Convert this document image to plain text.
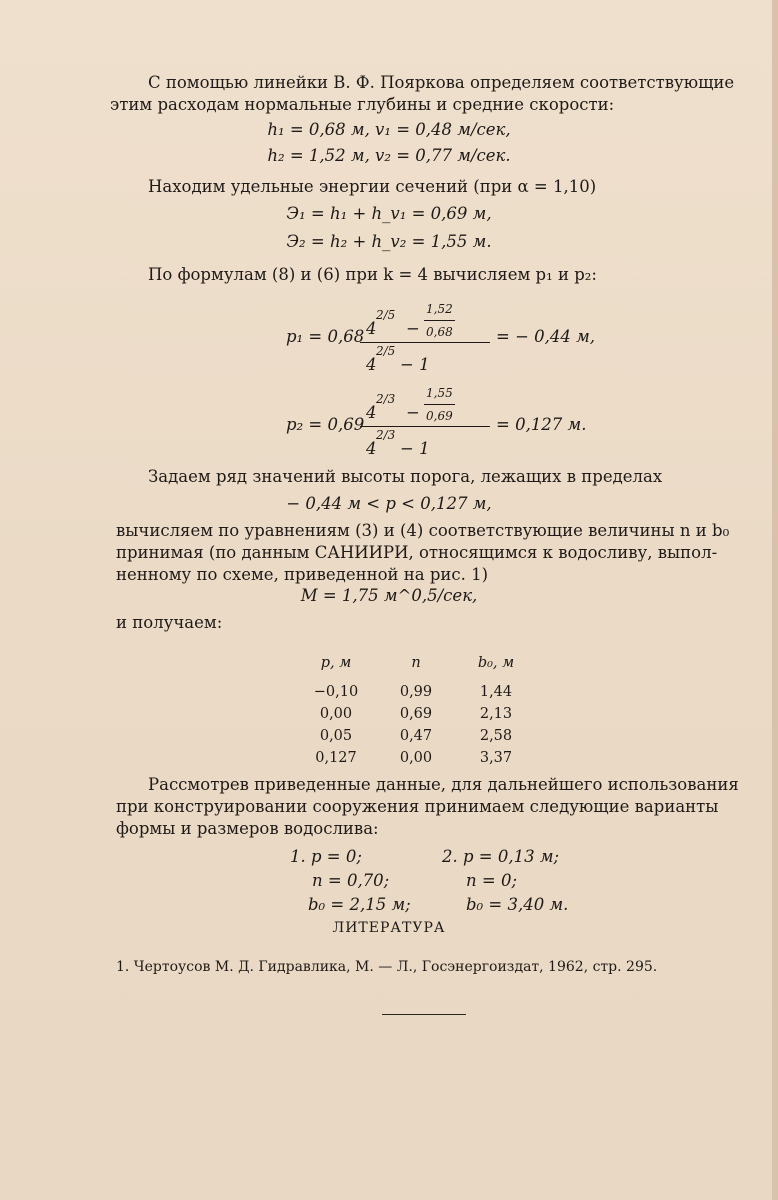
С помощью линейки В. Ф. Пояркова определяем соответствующие
этим расходам нормальные глубины и средние скорости:
h₁ = 0,68 м, v₁ = 0,48 м/сек,
h₂ = 1,52 м, v₂ = 0,77 м/сек.
Находим удельные энергии сечений (при α = 1,10)
Э₁ = h₁ + h_v₁ = 0,69 м,
Э₂ = h₂ + h_v₂ = 1,55 м.
По формулам (8) и (6) при k = 4 вычисляем p₁ и p₂:
p₁ = 0,68 4
2/5
− $\frac{1,52}{0,68}$
4
2/5
− 1
= − 0,44 м,
p₂ = 0,69
4
2/3
− $\frac{1,55}{0,69}$
4
2/3
− 1
= 0,127 м.
Задаем ряд значений высоты порога, лежащих в пределах
− 0,44 м < p < 0,127 м,
вычисляем по уравнениям (3) и (4) соответствующие величины n и b₀
принимая (по данным САНИИРИ, относящимся к водосливу, выпол-
ненному по схеме, приведенной на рис. 1)
M = 1,75 м^0,5/сек,
и получаем:
p, м	n	b₀, м
−0,10	0,99	1,44
0,00	0,69	2,13
0,05	0,47	2,58
0,127	0,00	3,37
Рассмотрев приведенные данные, для дальнейшего использования
при конструировании сооружения принимаем следующие варианты
формы и размеров водослива:
1. p = 0;
n = 0,70;
b₀ = 2,15 м;
2. p = 0,13 м;
n = 0;
b₀ = 3,40 м.
ЛИТЕРАТУРА
1. Чертоусов М. Д. Гидравлика, М. — Л., Госэнергоиздат, 1962, стр. 295.
